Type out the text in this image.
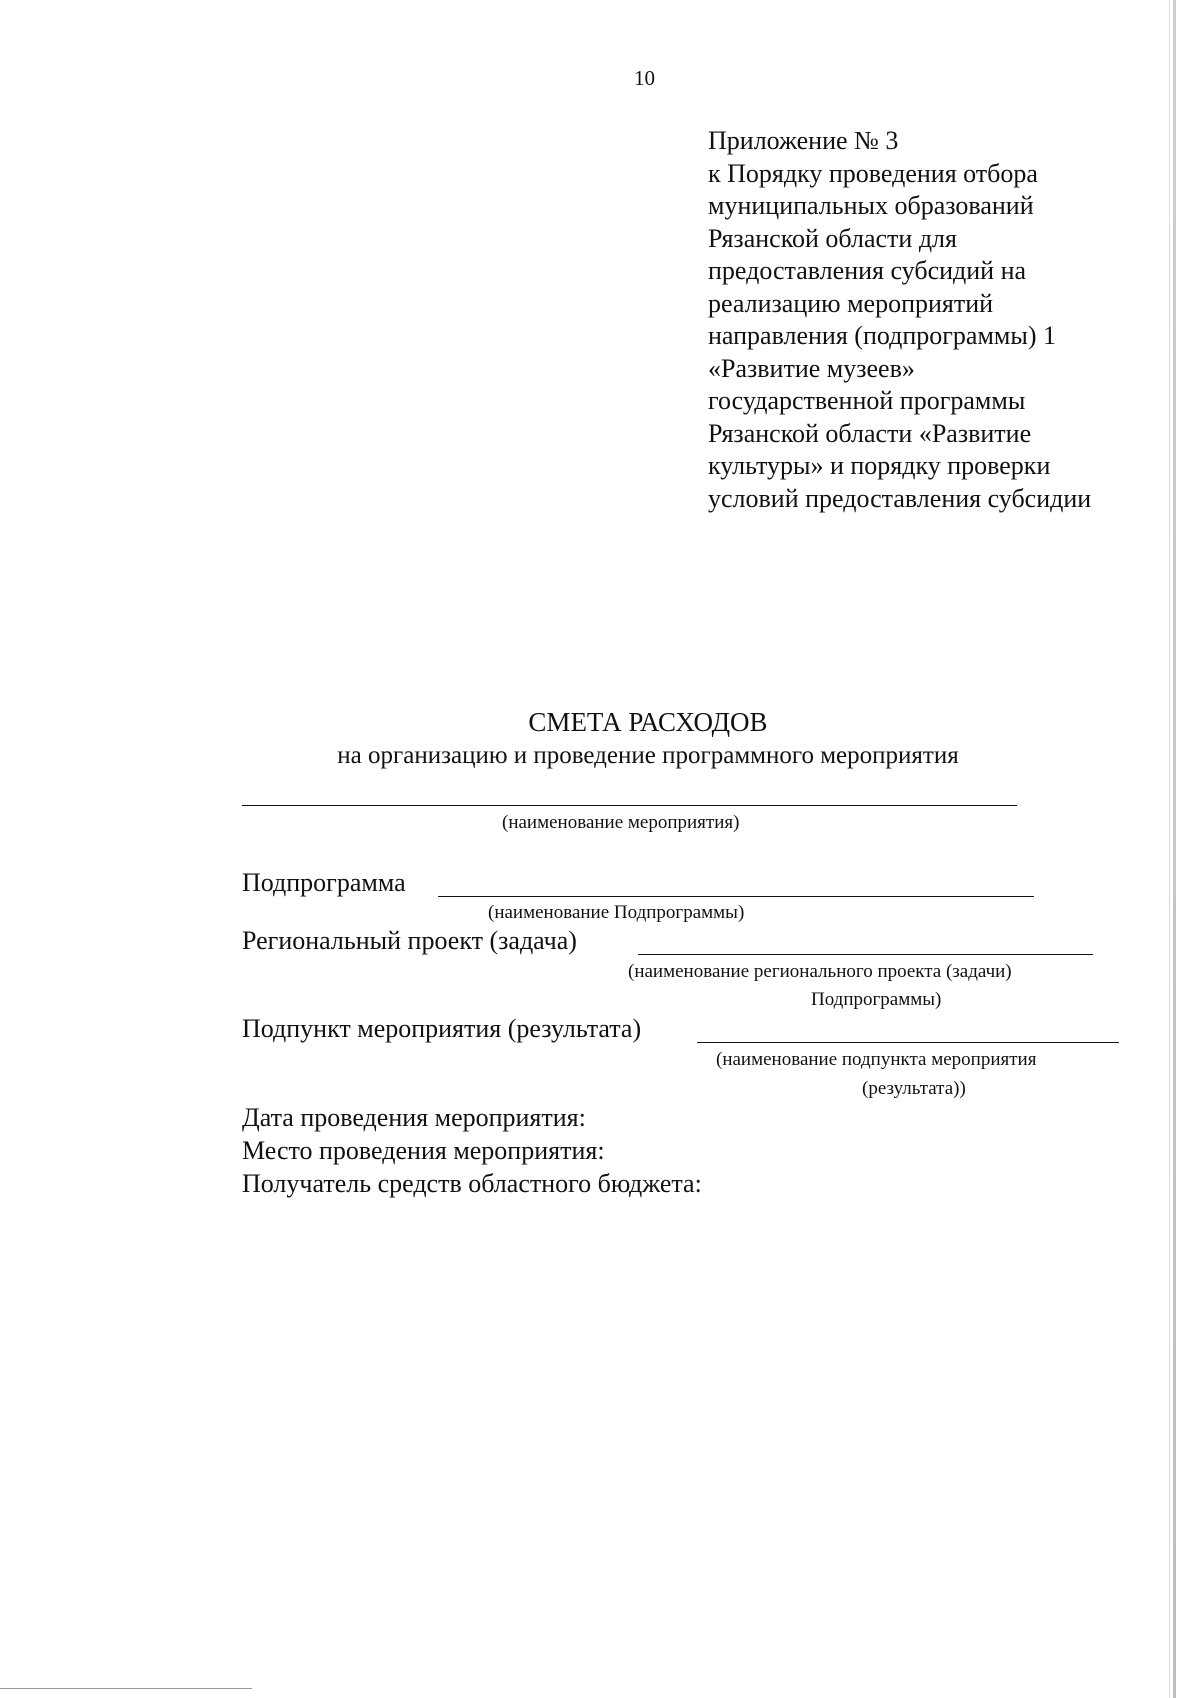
10
Приложение № 3
к Порядку проведения отбора
муниципальных образований
Рязанской области для
предоставления субсидий на
реализацию мероприятий
направления (подпрограммы) 1
«Развитие музеев»
государственной программы
Рязанской области «Развитие
культуры» и порядку проверки
условий предоставления субсидии
СМЕТА РАСХОДОВ
на организацию и проведение программного мероприятия
(наименование мероприятия)
Подпрограмма
(наименование Подпрограммы)
Региональный проект (задача)
(наименование регионального проекта (задачи)
Подпрограммы)
Подпункт мероприятия (результата)
(наименование подпункта мероприятия
(результата))
Дата проведения мероприятия:
Место проведения мероприятия:
Получатель средств областного бюджета:
